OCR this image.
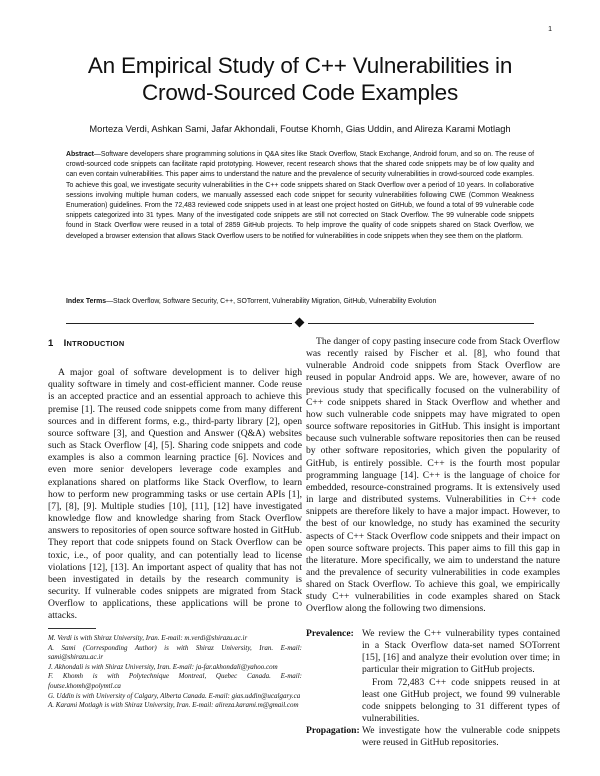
1
An Empirical Study of C++ Vulnerabilities in
Crowd-Sourced Code Examples
Morteza Verdi, Ashkan Sami, Jafar Akhondali, Foutse Khomh, Gias Uddin, and Alireza Karami Motlagh

Abstract—Software developers share programming solutions in Q&A sites like Stack Overflow, Stack Exchange, Android forum, and so on. The reuse of crowd-sourced code snippets can facilitate rapid prototyping. However, recent research shows that the shared code snippets may be of low quality and can even contain vulnerabilities. This paper aims to understand the nature and the prevalence of security vulnerabilities in crowd-sourced code examples. To achieve this goal, we investigate security vulnerabilities in the C++ code snippets shared on Stack Overflow over a period of 10 years. In collaborative sessions involving multiple human coders, we manually assessed each code snippet for security vulnerabilities following CWE (Common Weakness Enumeration) guidelines. From the 72,483 reviewed code snippets used in at least one project hosted on GitHub, we found a total of 99 vulnerable code snippets categorized into 31 types. Many of the investigated code snippets are still not corrected on Stack Overflow. The 99 vulnerable code snippets found in Stack Overflow were reused in a total of 2859 GitHub projects. To help improve the quality of code snippets shared on Stack Overflow, we developed a browser extension that allows Stack Overflow users to be notified for vulnerabilities in code snippets when they see them on the platform.

Index Terms—Stack Overflow, Software Security, C++, SOTorrent, Vulnerability Migration, GitHub, Vulnerability Evolution

1 INTRODUCTION

A major goal of software development is to deliver high quality software in timely and cost-efficient manner. Code reuse is an accepted practice and an essential approach to achieve this premise [1]. The reused code snippets come from many different sources and in different forms, e.g., third-party library [2], open source software [3], and Question and Answer (Q&A) websites such as Stack Overflow [4], [5]. Sharing code snippets and code examples is also a common learning practice [6]. Novices and even more senior developers leverage code examples and explanations shared on platforms like Stack Overflow, to learn how to perform new programming tasks or use certain APIs [1], [7], [8], [9]. Multiple studies [10], [11], [12] have investigated knowledge flow and knowledge sharing from Stack Overflow answers to repositories of open source software hosted in GitHub. They report that code snippets found on Stack Overflow can be toxic, i.e., of poor quality, and can potentially lead to license violations [12], [13]. An important aspect of quality that has not been investigated in details by the research community is security. If vulnerable codes snippets are migrated from Stack Overflow to applications, these applications will be prone to attacks.

The danger of copy pasting insecure code from Stack Overflow was recently raised by Fischer et al. [8], who found that vulnerable Android code snippets from Stack Overflow are reused in popular Android apps. We are, however, aware of no previous study that specifically focused on the vulnerability of C++ code snippets shared in Stack Overflow and whether and how such vulnerable code snippets may have migrated to open source software repositories in GitHub. This insight is important because such vulnerable software repositories then can be reused by other software repositories, which given the popularity of GitHub, is entirely possible. C++ is the fourth most popular programming language [14]. C++ is the language of choice for embedded, resource-constrained programs. It is extensively used in large and distributed systems. Vulnerabilities in C++ code snippets are therefore likely to have a major impact. However, to the best of our knowledge, no study has examined the security aspects of C++ Stack Overflow code snippets and their impact on open source software projects. This paper aims to fill this gap in the literature. More specifically, we aim to understand the nature and the prevalence of security vulnerabilities in code examples shared on Stack Overflow. To achieve this goal, we empirically study C++ vulnerabilities in code examples shared on Stack Overflow along the following two dimensions.

M. Verdi is with Shiraz University, Iran. E-mail: m.verdi@shirazu.ac.ir
A. Sami (Corresponding Author) is with Shiraz University, Iran. E-mail: sami@shirazu.ac.ir
J. Akhondali is with Shiraz University, Iran. E-mail: ja-far.akhondali@yahoo.com
F. Khomh is with Polytechnique Montreal, Quebec Canada. E-mail: foutse.khomh@polymtl.ca
G. Uddin is with University of Calgary, Alberta Canada. E-mail: gias.uddin@ucalgary.ca
A. Karami Motlagh is with Shiraz University, Iran. E-mail: alireza.karami.m@gmail.com
Prevalence: We review the C++ vulnerability types contained in a Stack Overflow data-set named SOTorrent [15], [16] and analyze their evolution over time; in particular their migration to GitHub projects.
From 72,483 C++ code snippets reused in at least one GitHub project, we found 99 vulnerable code snippets belonging to 31 different types of vulnerabilities.
Propagation: We investigate how the vulnerable code snippets were reused in GitHub repositories.
